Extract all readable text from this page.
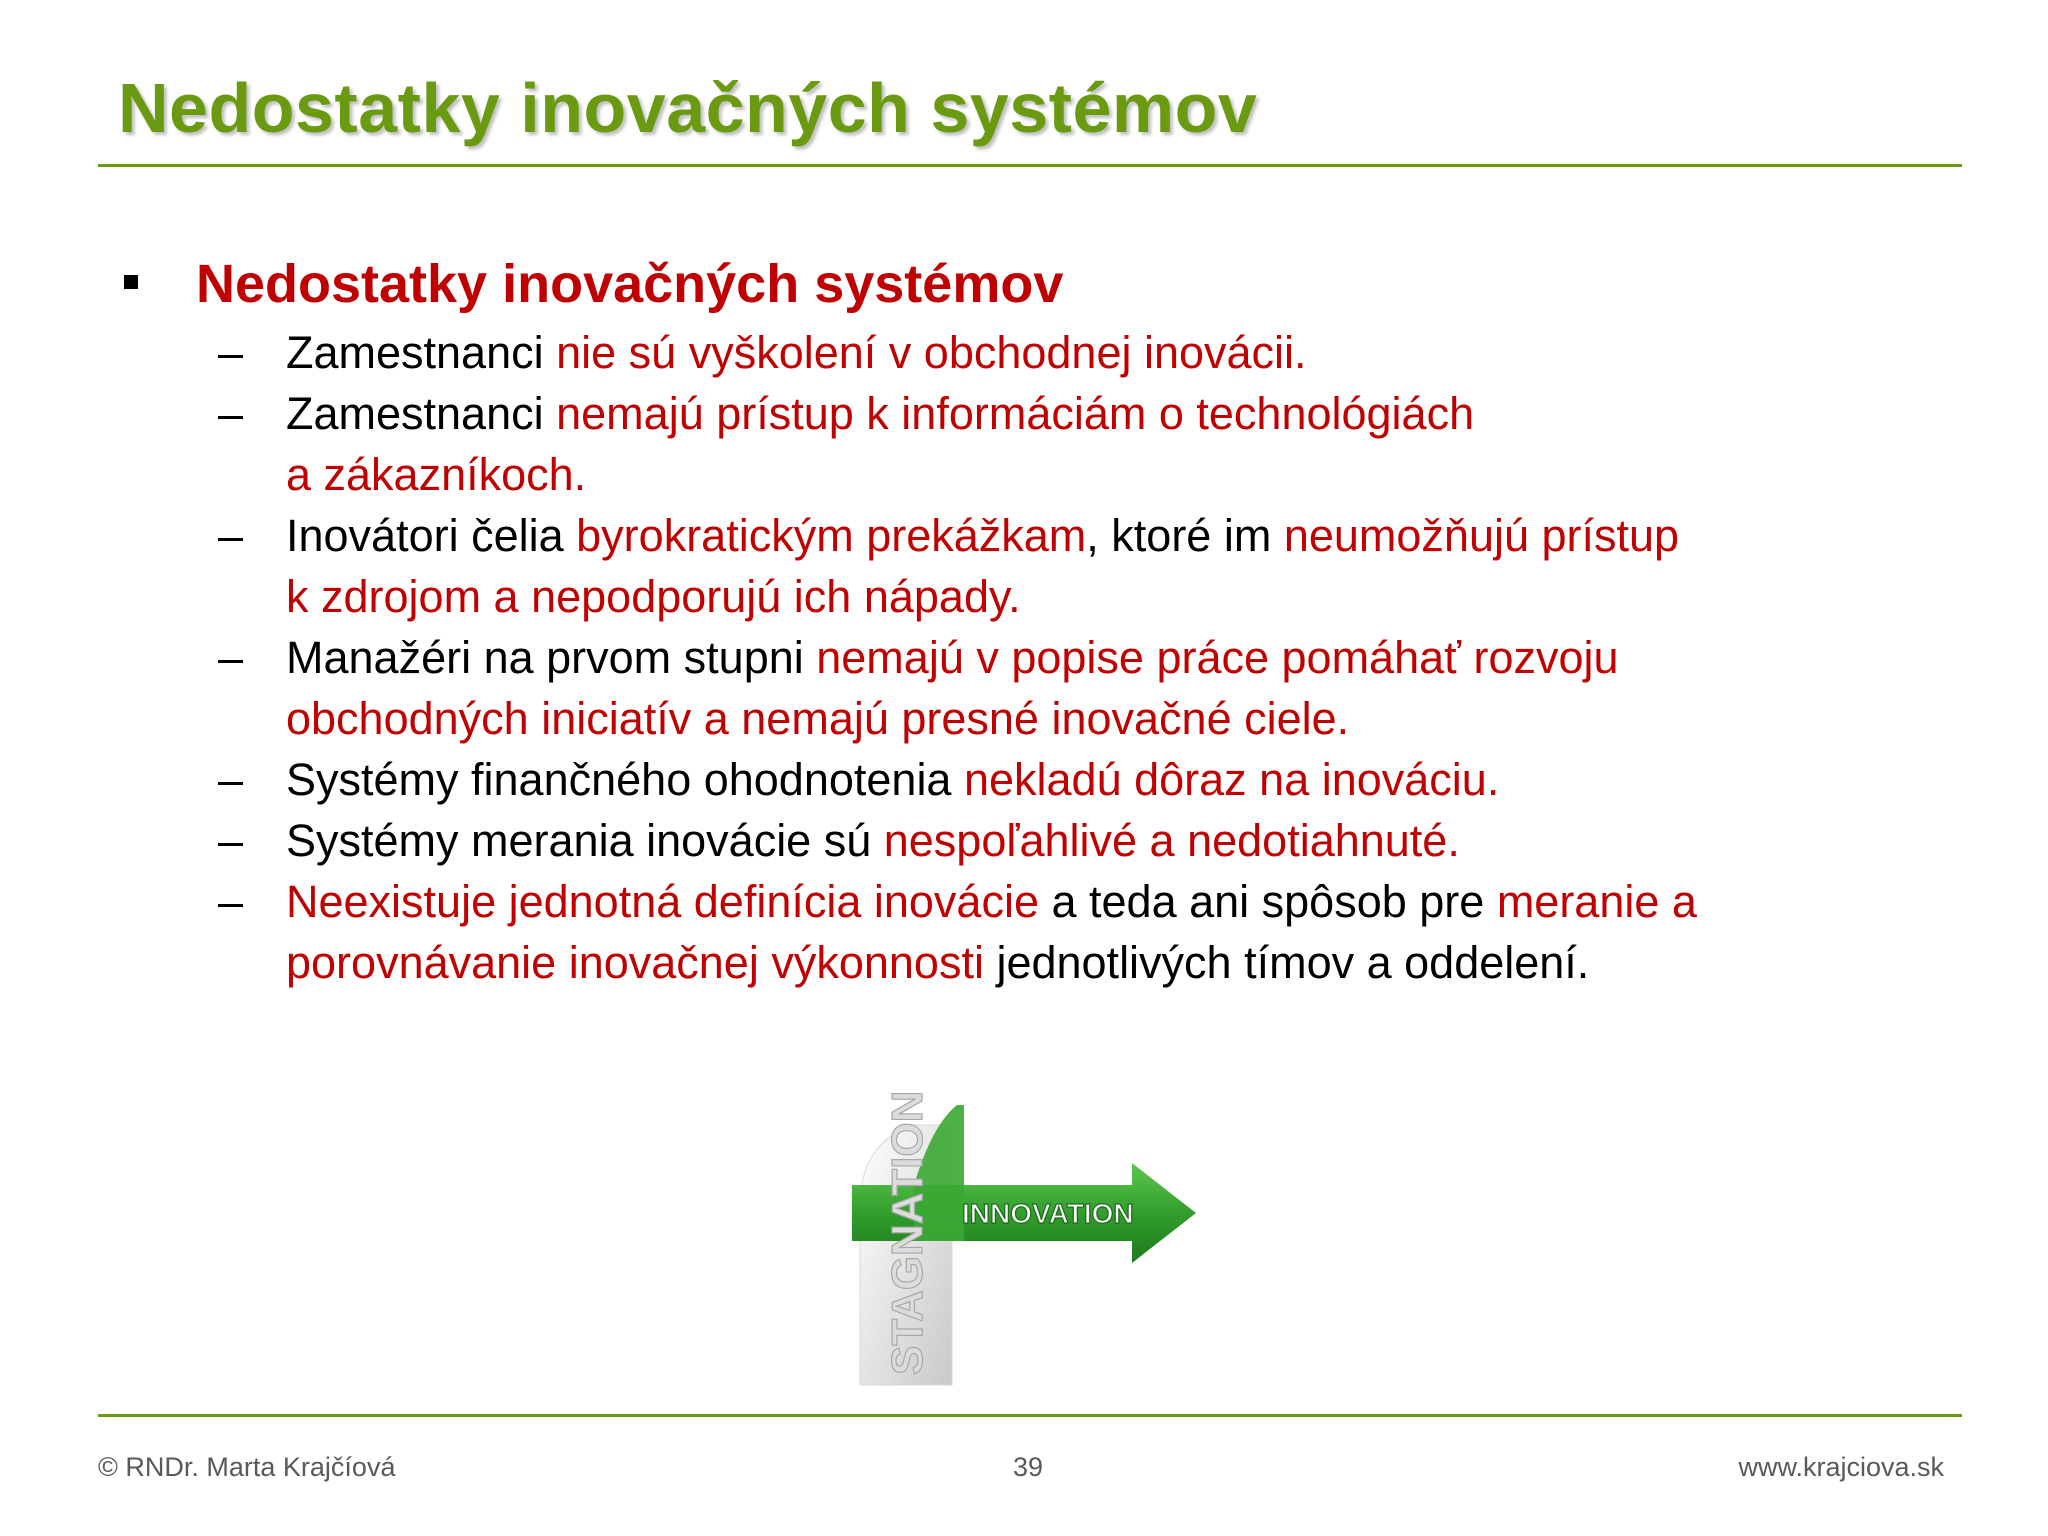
Nedostatky inovačných systémov
Nedostatky inovačných systémov
– Zamestnanci nie sú vyškolení v obchodnej inovácii.
– Zamestnanci nemajú prístup k informáciám o technológiách
a zákazníkoch.
– Inovátori čelia byrokratickým prekážkam, ktoré im neumožňujú prístup
k zdrojom a nepodporujú ich nápady.
– Manažéri na prvom stupni nemajú v popise práce pomáhať rozvoju
obchodných iniciatív a nemajú presné inovačné ciele.
– Systémy finančného ohodnotenia nekladú dôraz na inováciu.
– Systémy merania inovácie sú nespoľahlivé a nedotiahnuté.
– Neexistuje jednotná definícia inovácie a teda ani spôsob pre meranie a
porovnávanie inovačnej výkonnosti jednotlivých tímov a oddelení.
INNOVATION
STAGNATION
© RNDr. Marta Krajčíová	39	www.krajciova.sk
